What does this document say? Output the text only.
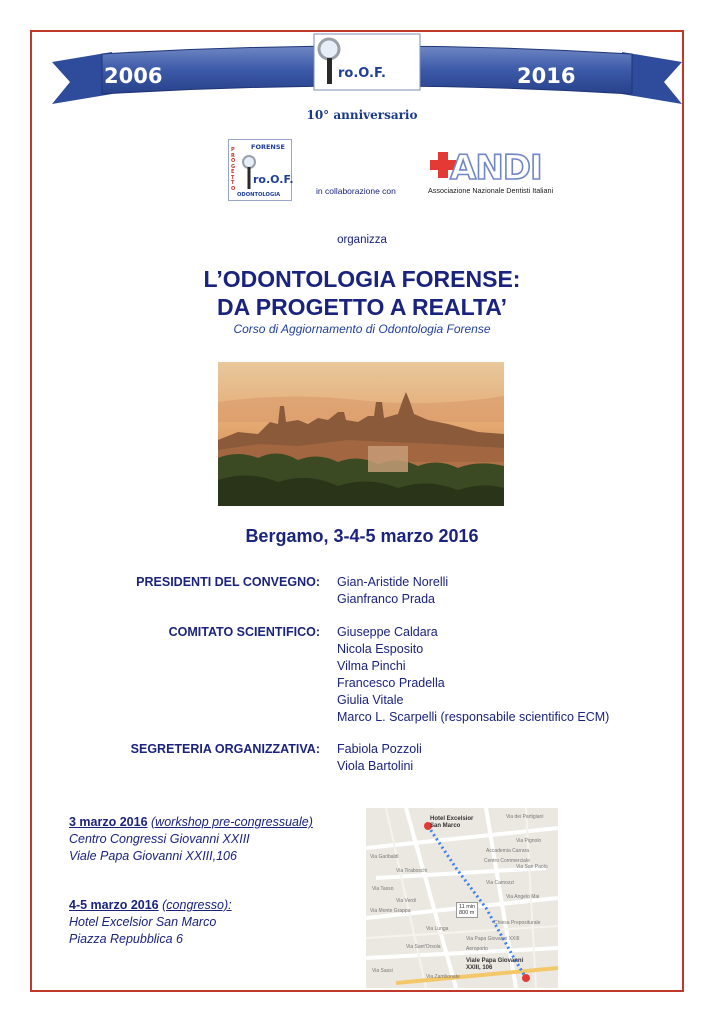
2006	2016
ro.O.F.
10° anniversario
FORENSE
ro.O.F.
PROGETTO
ODONTOLOGIA	in collaborazione con
ANDI
Associazione Nazionale Dentisti Italiani
organizza
L’ODONTOLOGIA FORENSE:
DA PROGETTO A REALTA’
Corso di Aggiornamento di Odontologia Forense
Bergamo, 3-4-5 marzo 2016
PRESIDENTI DEL CONVEGNO: Gian-Aristide Norelli
Gianfranco Prada
COMITATO SCIENTIFICO: Giuseppe Caldara
Nicola Esposito
Vilma Pinchi
Francesco Pradella
Giulia Vitale
Marco L. Scarpelli (responsabile scientifico ECM)
SEGRETERIA ORGANIZZATIVA: Fabiola Pozzoli
Viola Bartolini
3 marzo 2016 (workshop pre-congressuale)
Centro Congressi Giovanni XXIII
Viale Papa Giovanni XXIII,106
4-5 marzo 2016 (congresso):
Hotel Excelsior San Marco
Piazza Repubblica 6
Hotel Excelsior San Marco
Viale Papa Giovanni XXIII, 106
11 min
800 m
Via dei Partigiani
Via Tasso
Via Camozzi
Via Garibaldi
Accademia Carrara
Via Lunga
Via San Paolo
Centro Commerciale
Via Pignolo
Via Monte Grappa
Via Verdi
Chiesa Prepositurale
Via Sant'Orsola
Via Papa Giovanni XXIII
Via Tiraboschi
Aeroporto
Via Sassi
Via Zambonate
Via Angelo Mai
